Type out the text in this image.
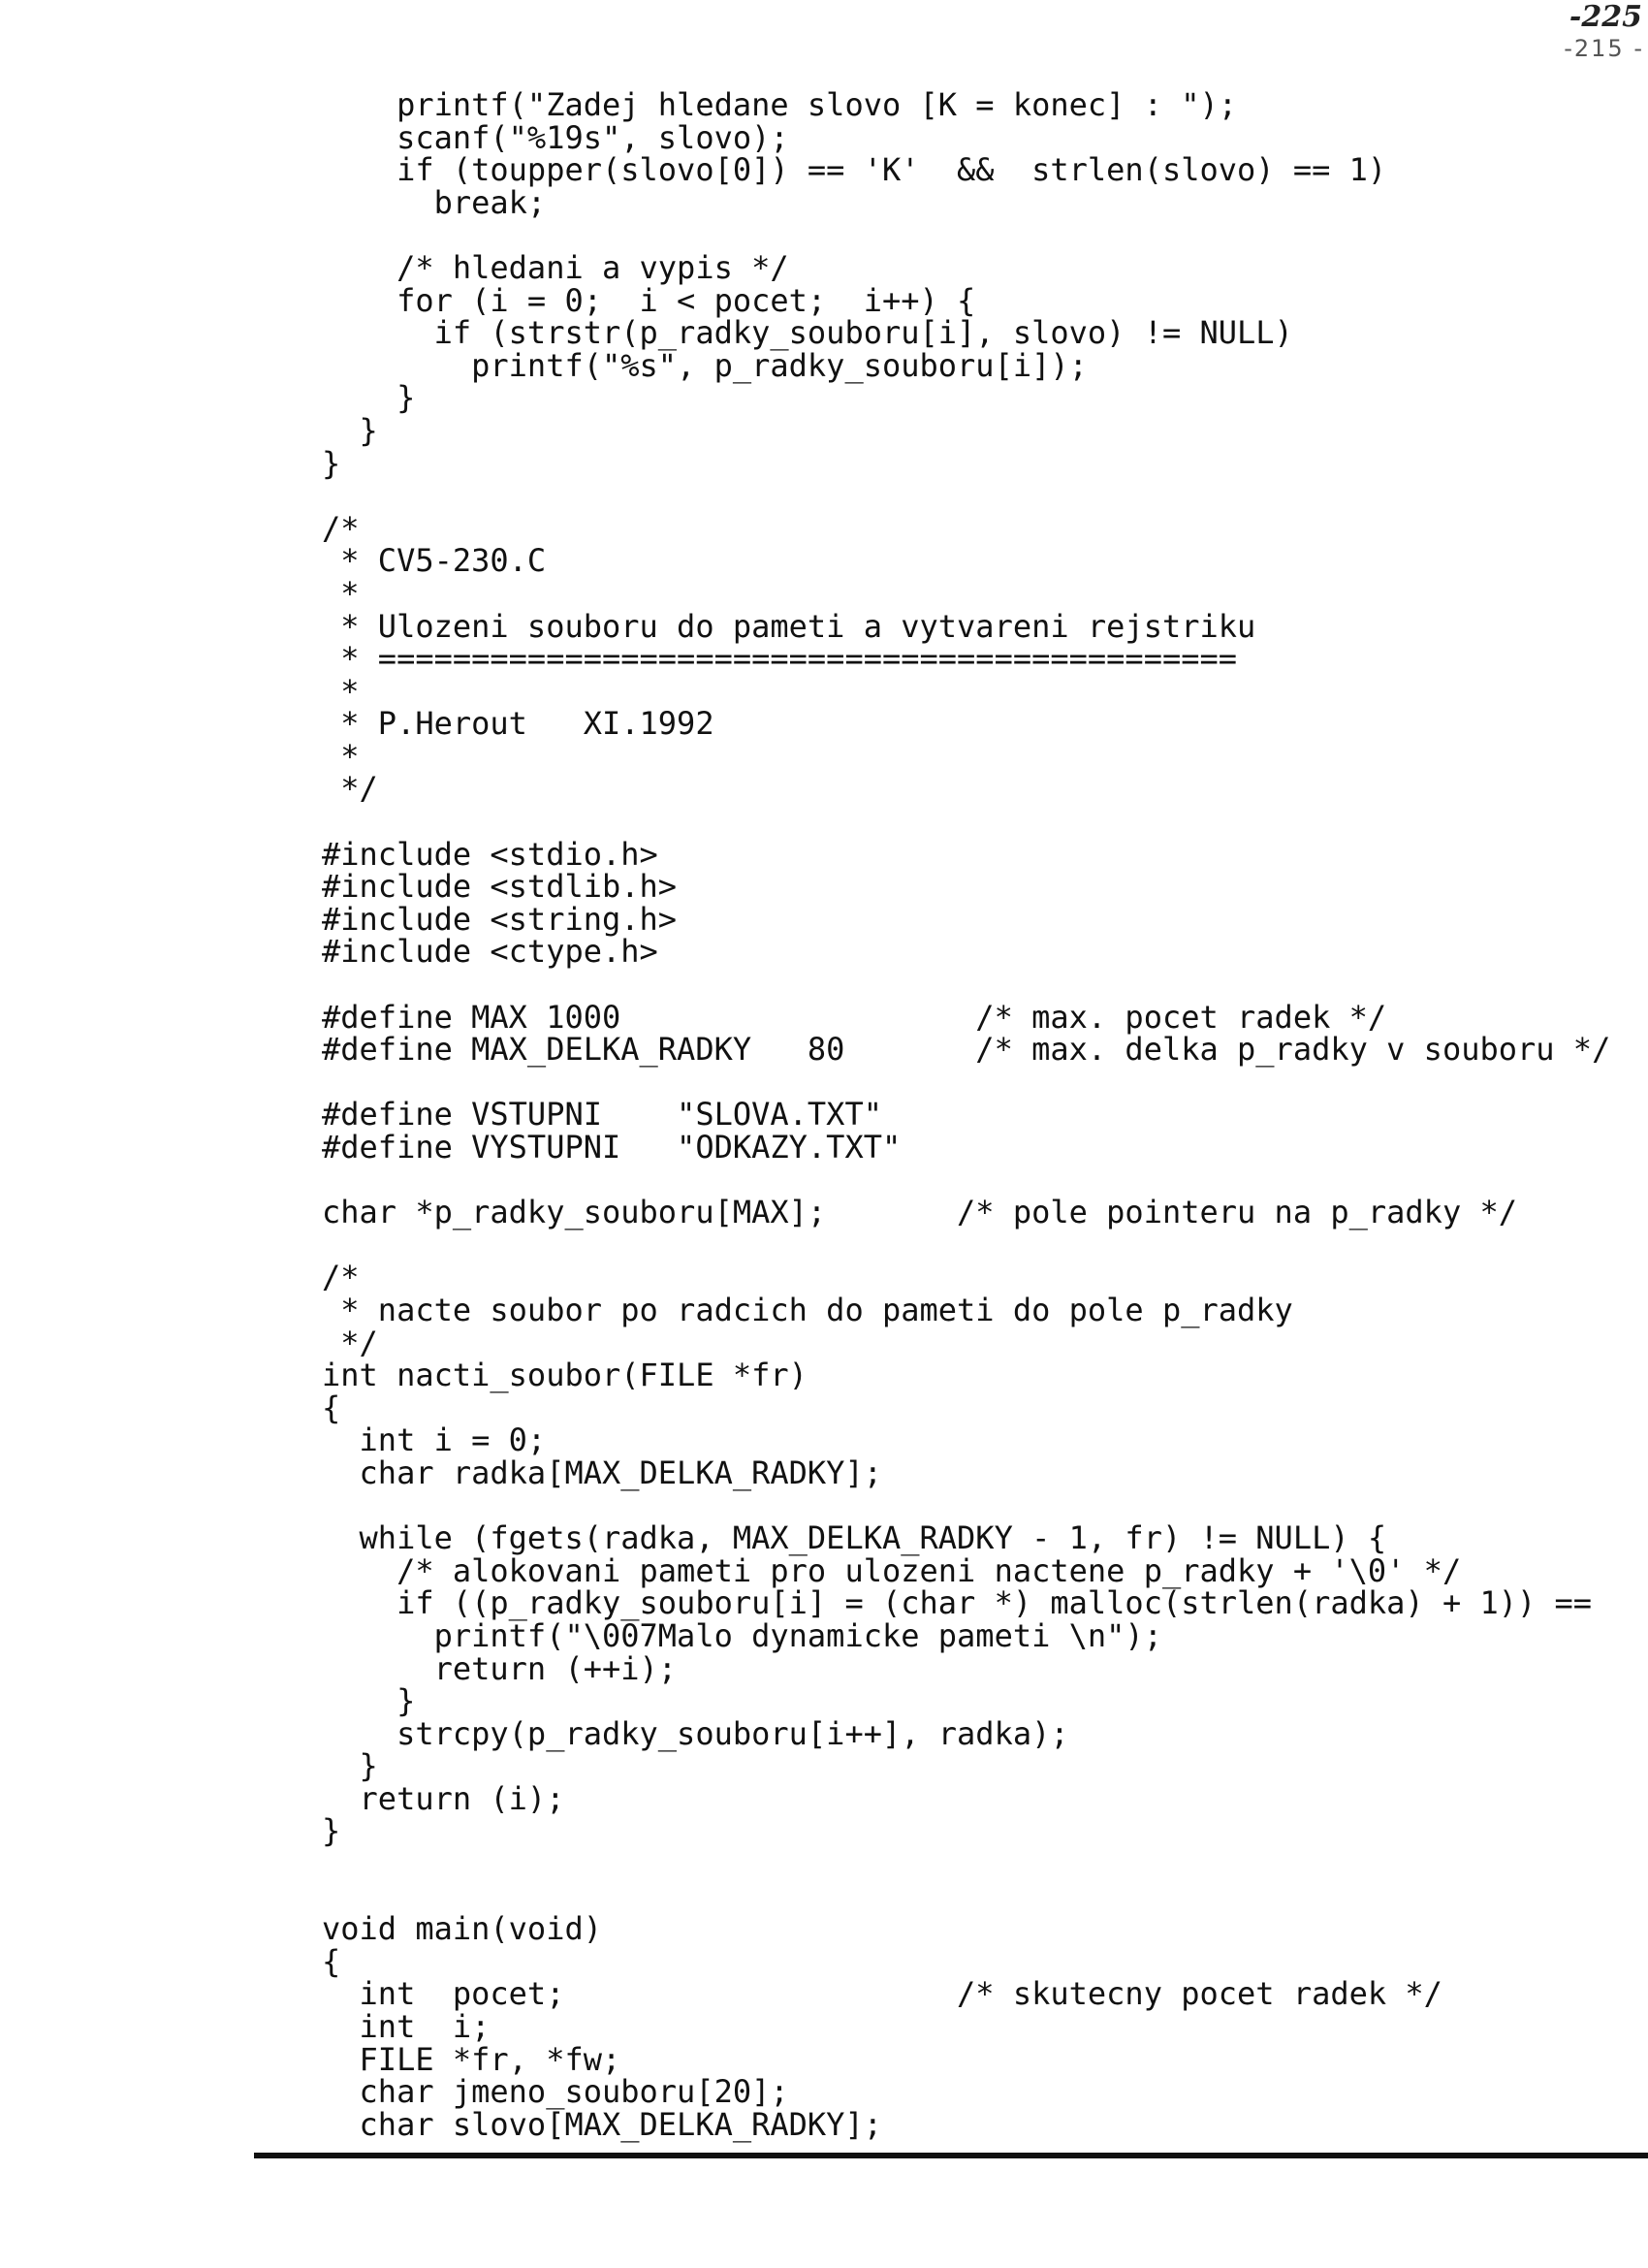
-225
-215 -
printf("Zadej hledane slovo [K = konec] : ");
scanf("%19s", slovo);
if (toupper(slovo[0]) == 'K'  &&  strlen(slovo) == 1)
break;
/* hledani a vypis */
for (i = 0;  i < pocet;  i++) {
if (strstr(p_radky_souboru[i], slovo) != NULL)
printf("%s", p_radky_souboru[i]);
}
}
}
/*
* CV5-230.C
*
* Ulozeni souboru do pameti a vytvareni rejstriku
* ==============================================
*
* P.Herout   XI.1992
*
*/
#include <stdio.h>
#include <stdlib.h>
#include <string.h>
#include <ctype.h>
#define MAX 1000                   /* max. pocet radek */
#define MAX_DELKA_RADKY   80       /* max. delka p_radky v souboru */
#define VSTUPNI    "SLOVA.TXT"
#define VYSTUPNI   "ODKAZY.TXT"
char *p_radky_souboru[MAX];       /* pole pointeru na p_radky */
/*
* nacte soubor po radcich do pameti do pole p_radky
*/
int nacti_soubor(FILE *fr)
{
int i = 0;
char radka[MAX_DELKA_RADKY];
while (fgets(radka, MAX_DELKA_RADKY - 1, fr) != NULL) {
/* alokovani pameti pro ulozeni nactene p_radky + '\0' */
if ((p_radky_souboru[i] = (char *) malloc(strlen(radka) + 1)) ==
printf("\007Malo dynamicke pameti \n");
return (++i);
}
strcpy(p_radky_souboru[i++], radka);
}
return (i);
}
void main(void)
{
int  pocet;                     /* skutecny pocet radek */
int  i;
FILE *fr, *fw;
char jmeno_souboru[20];
char slovo[MAX_DELKA_RADKY];
